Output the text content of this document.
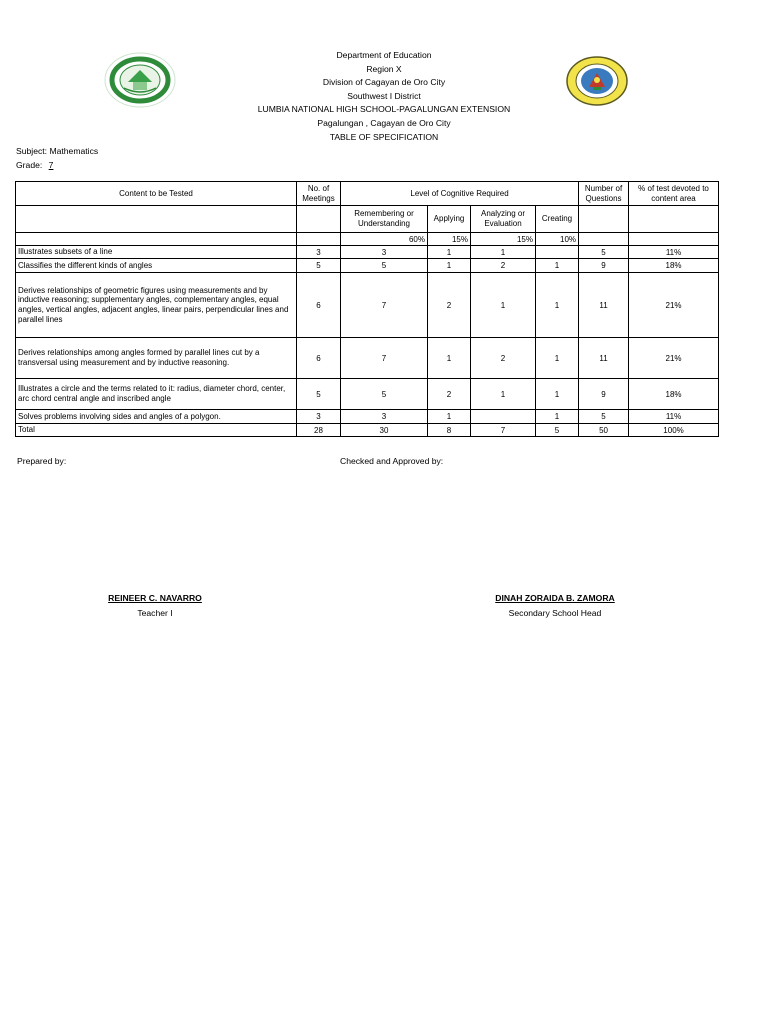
Department of Education
Region X
Division of Cagayan de Oro City
Southwest I District
LUMBIA NATIONAL HIGH SCHOOL-PAGALUNGAN EXTENSION
Pagalungan , Cagayan de Oro City
TABLE OF SPECIFICATION
Subject: Mathematics
Grade: 7
Content to be Tested	No. of Meetings	Level of Cognitive Required				Number of Questions	% of test devoted to content area
		Remembering or Understanding	Applying	Analyzing or Evaluation	Creating		
		60%	15%	15%	10%		
Illustrates subsets of a line	3	3	1	1		5	11%
Classifies the different kinds of angles	5	5	1	2	1	9	18%
Derives relationships of geometric figures using measurements and by inductive reasoning; supplementary angles, complementary angles, equal angles, vertical angles, adjacent angles, linear pairs, perpendicular lines and parallel lines	6	7	2	1	1	11	21%
Derives relationships among angles formed by parallel lines cut by a transversal using measurement and by inductive reasoning.	6	7	1	2	1	11	21%
Illustrates a circle and the terms related to it: radius, diameter chord, center, arc chord central angle and inscribed angle	5	5	2	1	1	9	18%
Solves problems involving sides and angles of a polygon.	3	3	1		1	5	11%
Total	28	30	8	7	5	50	100%
Prepared by:	Checked and Approved by:
REINEER C. NAVARRO
Teacher I
DINAH ZORAIDA B. ZAMORA
Secondary School Head
